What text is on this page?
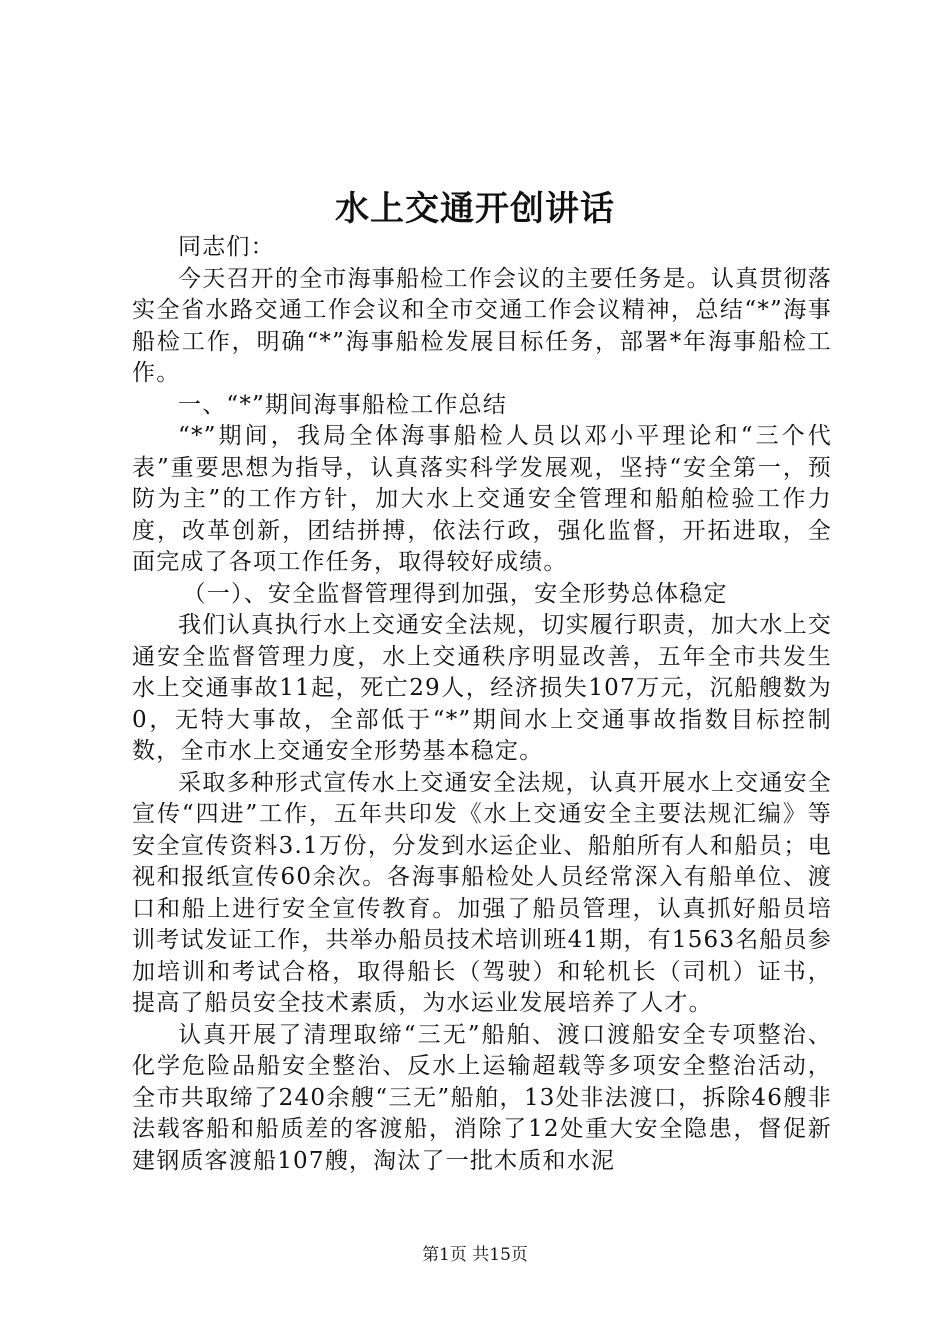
水上交通开创讲话

同志们：

今天召开的全市海事船检工作会议的主要任务是。认真贯彻落实全省水路交通工作会议和全市交通工作会议精神，总结“*”海事船检工作，明确“*”海事船检发展目标任务，部署*年海事船检工作。

一、“*”期间海事船检工作总结

“*”期间，我局全体海事船检人员以邓小平理论和“三个代表”重要思想为指导，认真落实科学发展观，坚持“安全第一，预防为主”的工作方针，加大水上交通安全管理和船舶检验工作力度，改革创新，团结拼搏，依法行政，强化监督，开拓进取，全面完成了各项工作任务，取得较好成绩。

（一）、安全监督管理得到加强，安全形势总体稳定

我们认真执行水上交通安全法规，切实履行职责，加大水上交通安全监督管理力度，水上交通秩序明显改善，五年全市共发生水上交通事故11起，死亡29人，经济损失107万元，沉船艘数为0，无特大事故，全部低于“*”期间水上交通事故指数目标控制数，全市水上交通安全形势基本稳定。

采取多种形式宣传水上交通安全法规，认真开展水上交通安全宣传“四进”工作，五年共印发《水上交通安全主要法规汇编》等安全宣传资料3.1万份，分发到水运企业、船舶所有人和船员；电视和报纸宣传60余次。各海事船检处人员经常深入有船单位、渡口和船上进行安全宣传教育。加强了船员管理，认真抓好船员培训考试发证工作，共举办船员技术培训班41期，有1563名船员参加培训和考试合格，取得船长（驾驶）和轮机长（司机）证书，提高了船员安全技术素质，为水运业发展培养了人才。

认真开展了清理取缔“三无”船舶、渡口渡船安全专项整治、化学危险品船安全整治、反水上运输超载等多项安全整治活动，全市共取缔了240余艘“三无”船舶，13处非法渡口，拆除46艘非法载客船和船质差的客渡船，消除了12处重大安全隐患，督促新建钢质客渡船107艘，淘汰了一批木质和水泥

第1页 共15页
